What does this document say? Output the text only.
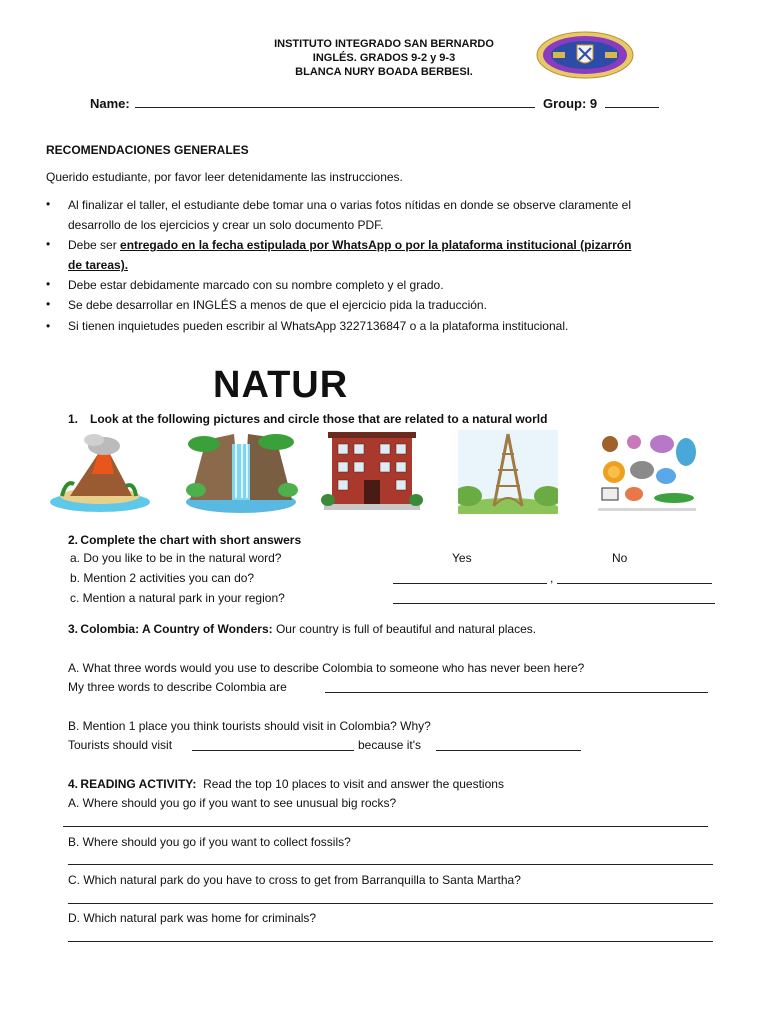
INSTITUTO INTEGRADO SAN BERNARDO
INGLÉS. GRADOS 9-2 y 9-3
BLANCA NURY BOADA BERBESI.
Name:	Group: 9
RECOMENDACIONES GENERALES
Querido estudiante, por favor leer detenidamente las instrucciones.
• Al finalizar el taller, el estudiante debe tomar una o varias fotos nítidas en donde se observe claramente el
desarrollo de los ejercicios y crear un solo documento PDF.
• Debe ser entregado en la fecha estipulada por WhatsApp o por la plataforma institucional (pizarrón
de tareas).
• Debe estar debidamente marcado con su nombre completo y el grado.
• Se debe desarrollar en INGLÉS a menos de que el ejercicio pida la traducción.
• Si tienen inquietudes pueden escribir al WhatsApp 3227136847 o a la plataforma institucional.
NATUR
1. Look at the following pictures and circle those that are related to a natural world
2. Complete the chart with short answers
a. Do you like to be in the natural word?	Yes	No
b. Mention 2 activities you can do?	,
c. Mention a natural park in your region?
3. Colombia: A Country of Wonders: Our country is full of beautiful and natural places.
A. What three words would you use to describe Colombia to someone who has never been here?
My three words to describe Colombia are
B. Mention 1 place you think tourists should visit in Colombia? Why?
Tourists should visit	because it's
4. READING ACTIVITY: Read the top 10 places to visit and answer the questions
A. Where should you go if you want to see unusual big rocks?
B. Where should you go if you want to collect fossils?
C. Which natural park do you have to cross to get from Barranquilla to Santa Martha?
D. Which natural park was home for criminals?
